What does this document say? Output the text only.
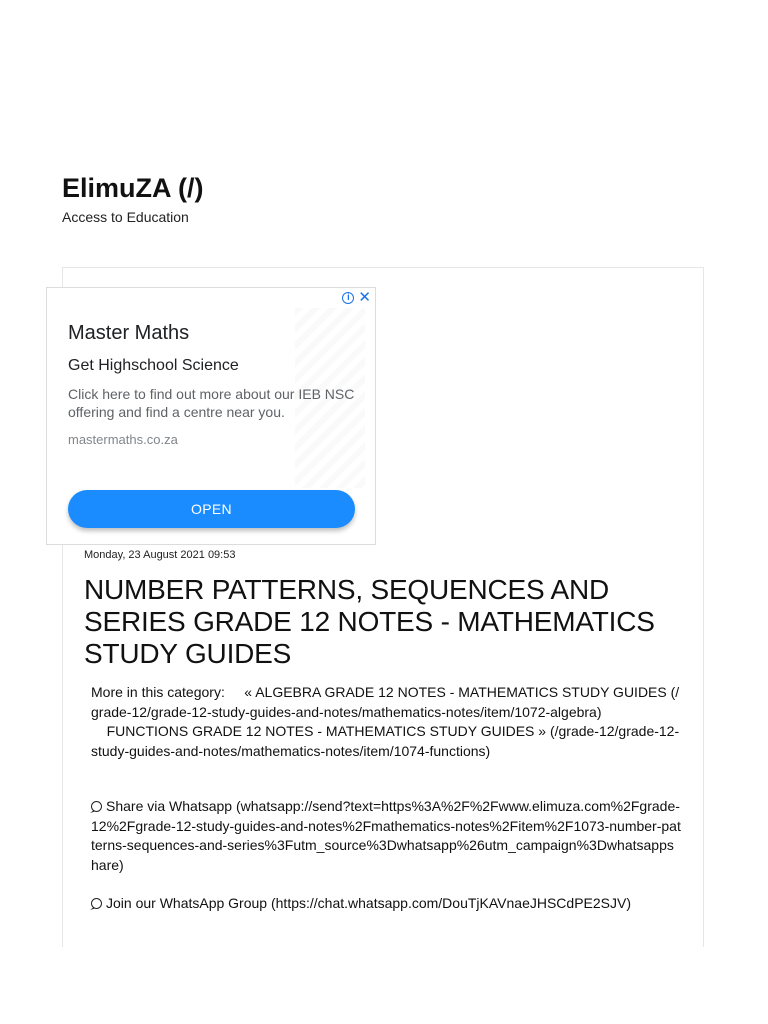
ElimuZA (/)
Access to Education
i ✕
Master Maths
Get Highschool Science
Click here to find out more about our IEB NSC offering and find a centre near you.
mastermaths.co.za
OPEN
Monday, 23 August 2021 09:53
NUMBER PATTERNS, SEQUENCES AND SERIES GRADE 12 NOTES - MATHEMATICS STUDY GUIDES
More in this category: « ALGEBRA GRADE 12 NOTES - MATHEMATICS STUDY GUIDES (/grade-12/grade-12-study-guides-and-notes/mathematics-notes/item/1072-algebra)
FUNCTIONS GRADE 12 NOTES - MATHEMATICS STUDY GUIDES » (/grade-12/grade-12-study-guides-and-notes/mathematics-notes/item/1074-functions)
Share via Whatsapp (whatsapp://send?text=https%3A%2F%2Fwww.elimuza.com%2Fgrade-12%2Fgrade-12-study-guides-and-notes%2Fmathematics-notes%2Fitem%2F1073-number-patterns-sequences-and-series%3Futm_source%3Dwhatsapp%26utm_campaign%3Dwhatsappshare)
Join our WhatsApp Group (https://chat.whatsapp.com/DouTjKAVnaeJHSCdPE2SJV)
